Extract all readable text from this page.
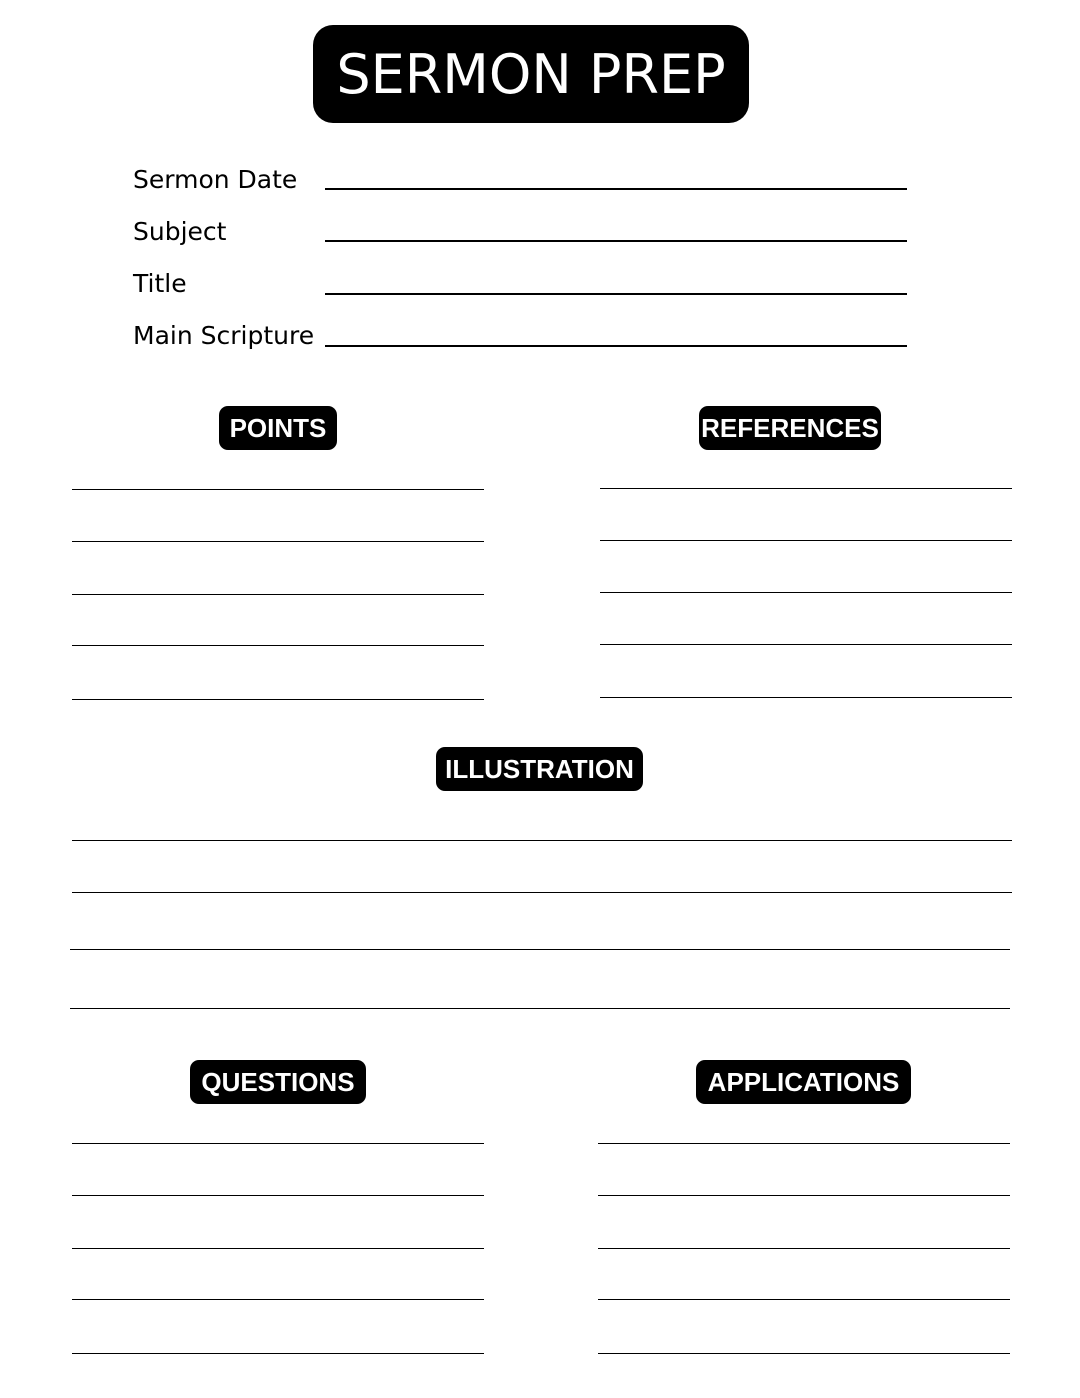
SERMON PREP
Sermon Date
Subject
Title
Main Scripture
POINTS	REFERENCES
ILLUSTRATION
QUESTIONS	APPLICATIONS
